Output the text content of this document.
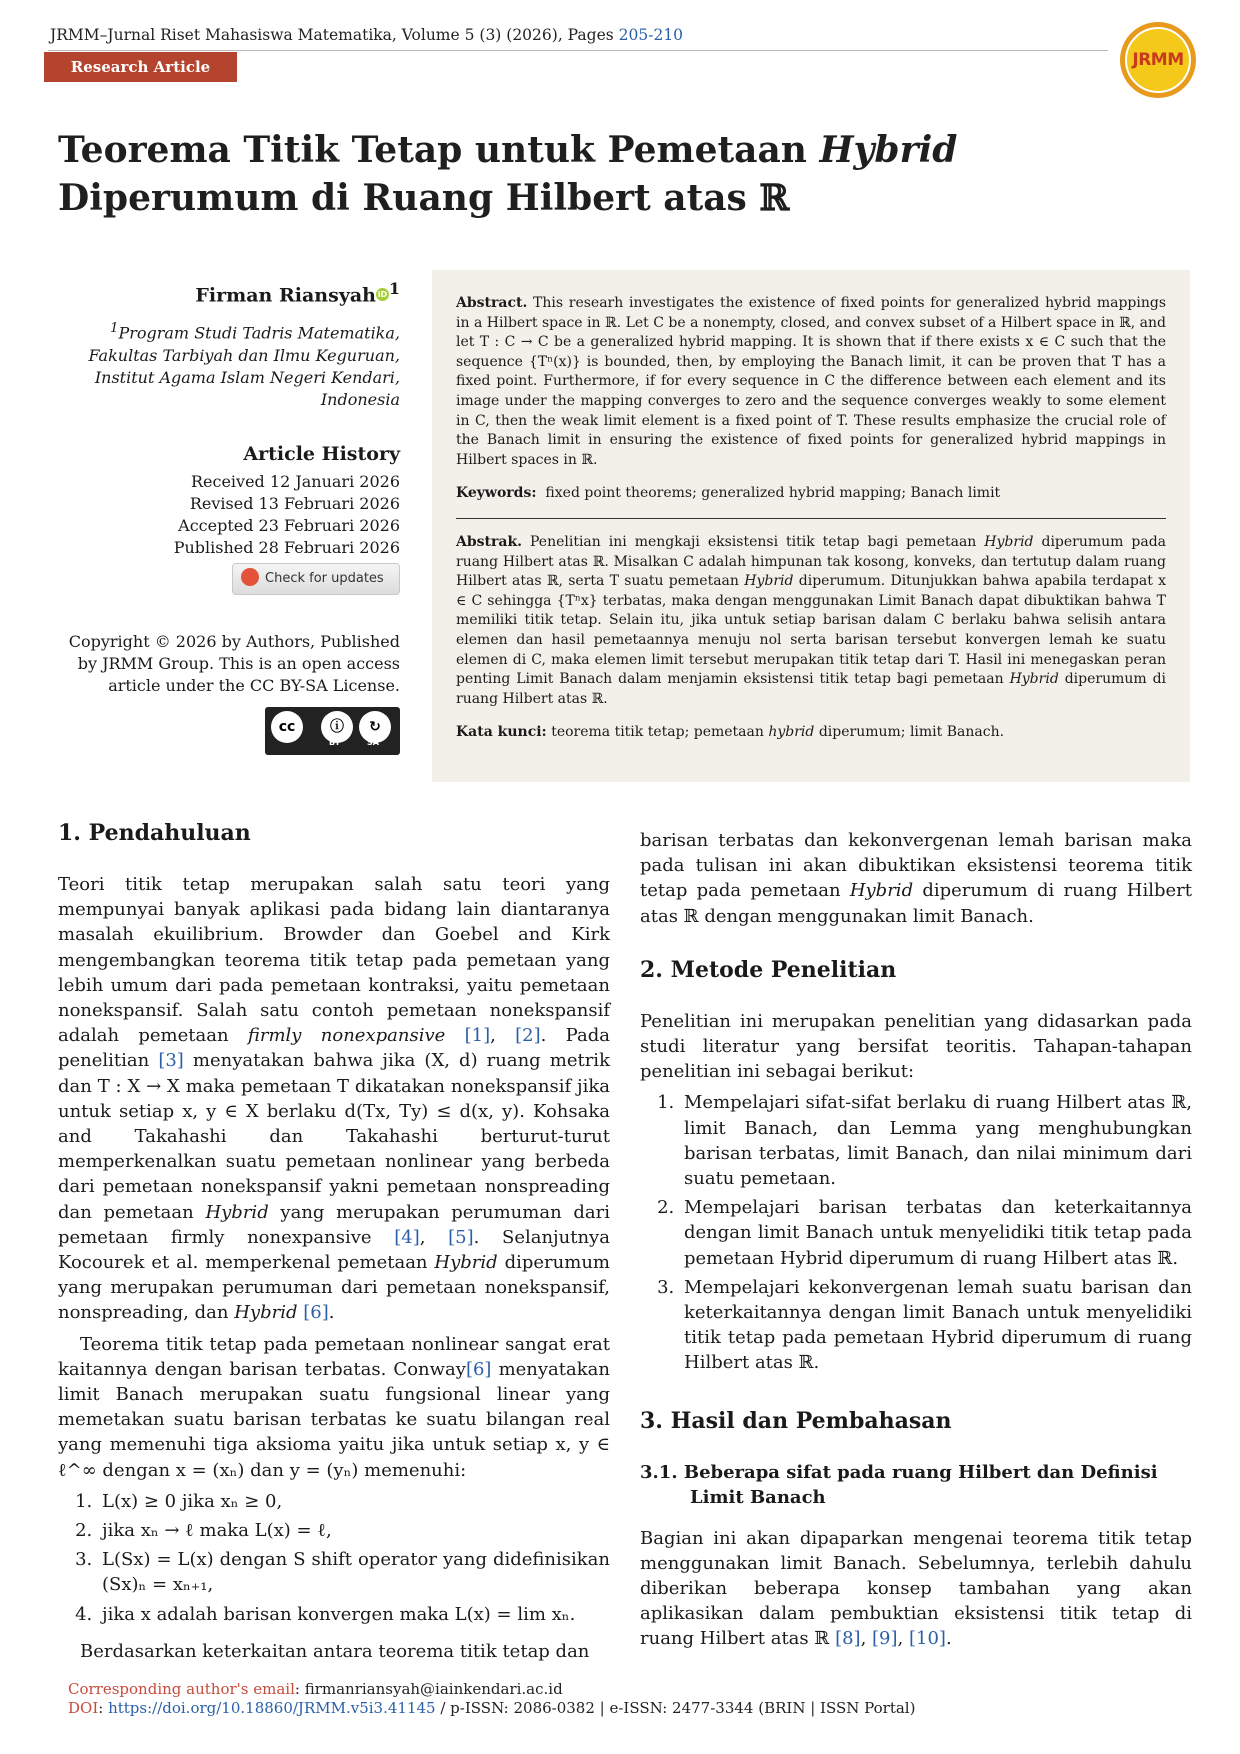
JRMM–Jurnal Riset Mahasiswa Matematika, Volume 5 (3) (2026), Pages 205-210
Research Article	JRMM
Teorema Titik Tetap untuk Pemetaan Hybrid Diperumum di Ruang Hilbert atas ℝ
Firman Riansyah iD $^1$
$^1$Program Studi Tadris Matematika, Fakultas Tarbiyah dan Ilmu Keguruan, Institut Agama Islam Negeri Kendari, Indonesia
Article History
Received 12 Januari 2026
Revised 13 Februari 2026
Accepted 23 Februari 2026
Published 28 Februari 2026
Check for updates
Copyright © 2026 by Authors, Published by JRMM Group. This is an open access article under the CC BY-SA License.
cc	ⓘ	↻
BY	SA

Abstract. This researh investigates the existence of fixed points for generalized hybrid mappings in a Hilbert space in ℝ. Let C be a nonempty, closed, and convex subset of a Hilbert space in ℝ, and let T : C → C be a generalized hybrid mapping. It is shown that if there exists x ∈ C such that the sequence {Tⁿ(x)} is bounded, then, by employing the Banach limit, it can be proven that T has a fixed point. Furthermore, if for every sequence in C the difference between each element and its image under the mapping converges to zero and the sequence converges weakly to some element in C, then the weak limit element is a fixed point of T. These results emphasize the crucial role of the Banach limit in ensuring the existence of fixed points for generalized hybrid mappings in Hilbert spaces in ℝ.

Keywords: fixed point theorems; generalized hybrid mapping; Banach limit

Abstrak. Penelitian ini mengkaji eksistensi titik tetap bagi pemetaan Hybrid diperumum pada ruang Hilbert atas ℝ. Misalkan C adalah himpunan tak kosong, konveks, dan tertutup dalam ruang Hilbert atas ℝ, serta T suatu pemetaan Hybrid diperumum. Ditunjukkan bahwa apabila terdapat x ∈ C sehingga {Tⁿx} terbatas, maka dengan menggunakan Limit Banach dapat dibuktikan bahwa T memiliki titik tetap. Selain itu, jika untuk setiap barisan dalam C berlaku bahwa selisih antara elemen dan hasil pemetaannya menuju nol serta barisan tersebut konvergen lemah ke suatu elemen di C, maka elemen limit tersebut merupakan titik tetap dari T. Hasil ini menegaskan peran penting Limit Banach dalam menjamin eksistensi titik tetap bagi pemetaan Hybrid diperumum di ruang Hilbert atas ℝ.

Kata kunci: teorema titik tetap; pemetaan hybrid diperumum; limit Banach.

1. Pendahuluan

Teori titik tetap merupakan salah satu teori yang mempunyai banyak aplikasi pada bidang lain diantaranya masalah ekuilibrium. Browder dan Goebel and Kirk mengembangkan teorema titik tetap pada pemetaan yang lebih umum dari pada pemetaan kontraksi, yaitu pemetaan nonekspansif. Salah satu contoh pemetaan nonekspansif adalah pemetaan firmly nonexpansive [1], [2]. Pada penelitian [3] menyatakan bahwa jika (X, d) ruang metrik dan T : X → X maka pemetaan T dikatakan nonekspansif jika untuk setiap x, y ∈ X berlaku d(Tx, Ty) ≤ d(x, y). Kohsaka and Takahashi dan Takahashi berturut-turut memperkenalkan suatu pemetaan nonlinear yang berbeda dari pemetaan nonekspansif yakni pemetaan nonspreading dan pemetaan Hybrid yang merupakan perumuman dari pemetaan firmly nonexpansive [4], [5]. Selanjutnya Kocourek et al. memperkenal pemetaan Hybrid diperumum yang merupakan perumuman dari pemetaan nonekspansif, nonspreading, dan Hybrid [6].

Teorema titik tetap pada pemetaan nonlinear sangat erat kaitannya dengan barisan terbatas. Conway[6] menyatakan limit Banach merupakan suatu fungsional linear yang memetakan suatu barisan terbatas ke suatu bilangan real yang memenuhi tiga aksioma yaitu jika untuk setiap x, y ∈ ℓ^∞ dengan x = (xₙ) dan y = (yₙ) memenuhi:

1. L(x) ≥ 0 jika xₙ ≥ 0,
2. jika xₙ → ℓ maka L(x) = ℓ,
3. L(Sx) = L(x) dengan S shift operator yang didefinisikan (Sx)ₙ = xₙ₊₁,
4. jika x adalah barisan konvergen maka L(x) = lim xₙ.

Berdasarkan keterkaitan antara teorema titik tetap dan

barisan terbatas dan kekonvergenan lemah barisan maka pada tulisan ini akan dibuktikan eksistensi teorema titik tetap pada pemetaan Hybrid diperumum di ruang Hilbert atas ℝ dengan menggunakan limit Banach.

2. Metode Penelitian

Penelitian ini merupakan penelitian yang didasarkan pada studi literatur yang bersifat teoritis. Tahapan-tahapan penelitian ini sebagai berikut:

1. Mempelajari sifat-sifat berlaku di ruang Hilbert atas ℝ, limit Banach, dan Lemma yang menghubungkan barisan terbatas, limit Banach, dan nilai minimum dari suatu pemetaan.
2. Mempelajari barisan terbatas dan keterkaitannya dengan limit Banach untuk menyelidiki titik tetap pada pemetaan Hybrid diperumum di ruang Hilbert atas ℝ.
3. Mempelajari kekonvergenan lemah suatu barisan dan keterkaitannya dengan limit Banach untuk menyelidiki titik tetap pada pemetaan Hybrid diperumum di ruang Hilbert atas ℝ.
3. Hasil dan Pembahasan
3.1. Beberapa sifat pada ruang Hilbert dan Definisi Limit Banach

Bagian ini akan dipaparkan mengenai teorema titik tetap menggunakan limit Banach. Sebelumnya, terlebih dahulu diberikan beberapa konsep tambahan yang akan aplikasikan dalam pembuktian eksistensi titik tetap di ruang Hilbert atas ℝ [8], [9], [10].

Corresponding author's email: firmanriansyah@iainkendari.ac.id
DOI: https://doi.org/10.18860/JRMM.v5i3.41145 / p-ISSN: 2086-0382 | e-ISSN: 2477-3344 (BRIN | ISSN Portal)
